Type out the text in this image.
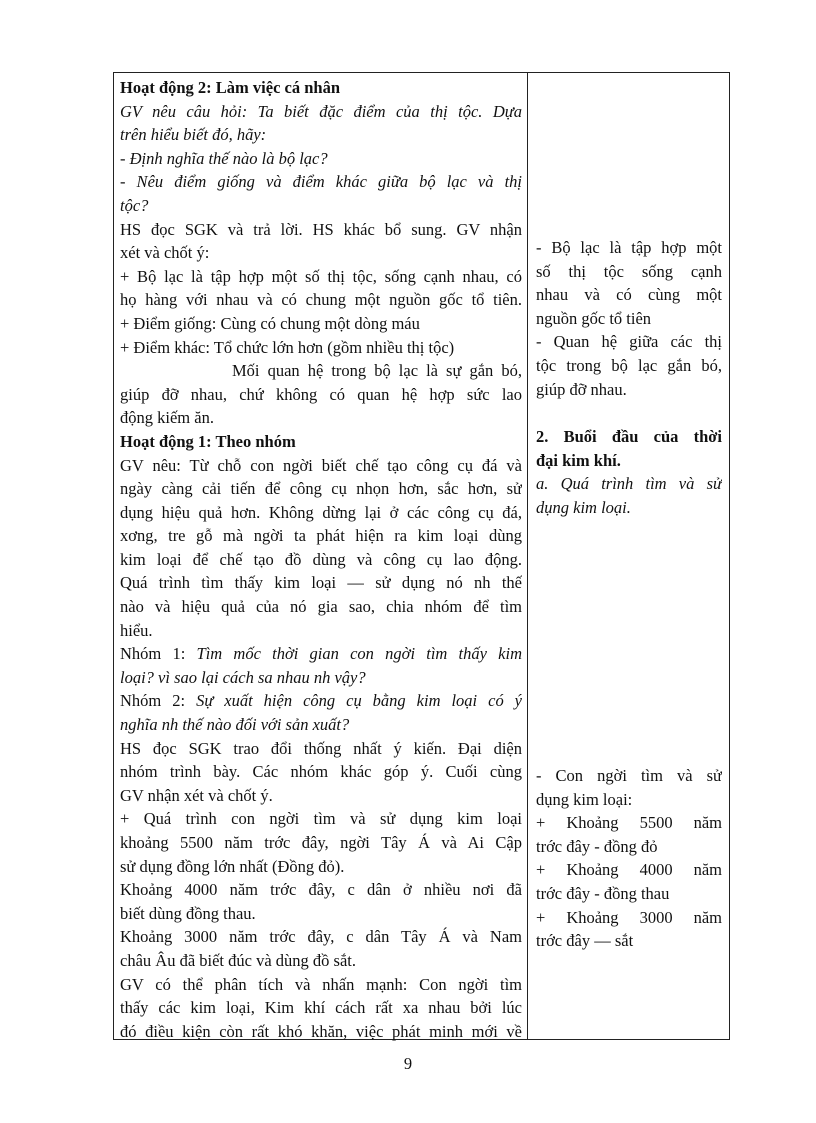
Hoạt động 2: Làm việc cá nhân
GV nêu câu hỏi: Ta biết đặc điểm của thị tộc. Dựa
trên hiểu biết đó, hãy:
- Định nghĩa thế nào là bộ lạc?
- Nêu điểm giống và điểm khác giữa bộ lạc và thị
tộc?
HS đọc SGK và trả lời. HS khác bổ sung. GV nhận
xét và chốt ý:
+ Bộ lạc là tập hợp một số thị tộc, sống cạnh nhau, có
họ hàng với nhau và có chung một nguồn gốc tổ tiên.
+ Điểm giống: Cùng có chung một dòng máu
+ Điểm khác: Tổ chức lớn hơn (gồm nhiều thị tộc)
Mối quan hệ trong bộ lạc là sự gắn bó,
giúp đỡ nhau, chứ không có quan hệ hợp sức lao
động kiếm ăn.
Hoạt động 1: Theo nhóm
GV nêu: Từ chỗ con ngời biết chế tạo công cụ đá và
ngày càng cải tiến để công cụ nhọn hơn, sắc hơn, sử
dụng hiệu quả hơn. Không dừng lại ở các công cụ đá,
xơng, tre gỗ mà ngời ta phát hiện ra kim loại dùng
kim loại để chế tạo đồ dùng và công cụ lao động.
Quá trình tìm thấy kim loại — sử dụng nó nh thế
nào và hiệu quả của nó gia sao, chia nhóm để tìm
hiểu.
Nhóm 1: Tìm mốc thời gian con ngời tìm thấy kim
loại? vì sao lại cách sa nhau nh vậy?
Nhóm 2: Sự xuất hiện công cụ bằng kim loại có ý
nghĩa nh thế nào đối với sản xuất?
HS đọc SGK trao đổi thống nhất ý kiến. Đại diện
nhóm trình bày. Các nhóm khác góp ý. Cuối cùng
GV nhận xét và chốt ý.
+ Quá trình con ngời tìm và sử dụng kim loại
khoảng 5500 năm trớc đây, ngời Tây Á và Ai Cập
sử dụng đồng lớn nhất (Đồng đỏ).
Khoảng 4000 năm trớc đây, c dân ở nhiều nơi đã
biết dùng đồng thau.
Khoảng 3000 năm trớc đây, c dân Tây Á và Nam
châu Âu đã biết đúc và dùng đồ sắt.
GV có thể phân tích và nhấn mạnh: Con ngời tìm
thấy các kim loại, Kim khí cách rất xa nhau bởi lúc
đó điều kiện còn rất khó khăn, việc phát minh mới về
- Bộ lạc là tập hợp một
số thị tộc sống cạnh
nhau và có cùng một
nguồn gốc tổ tiên
- Quan hệ giữa các thị
tộc trong bộ lạc gắn bó,
giúp đỡ nhau.
2. Buổi đầu của thời
đại kim khí.
a. Quá trình tìm và sử
dụng kim loại.
- Con ngời tìm và sử
dụng kim loại:
+ Khoảng 5500 năm
trớc đây - đồng đỏ
+ Khoảng 4000 năm
trớc đây - đồng thau
+ Khoảng 3000 năm
trớc đây — sắt
9
